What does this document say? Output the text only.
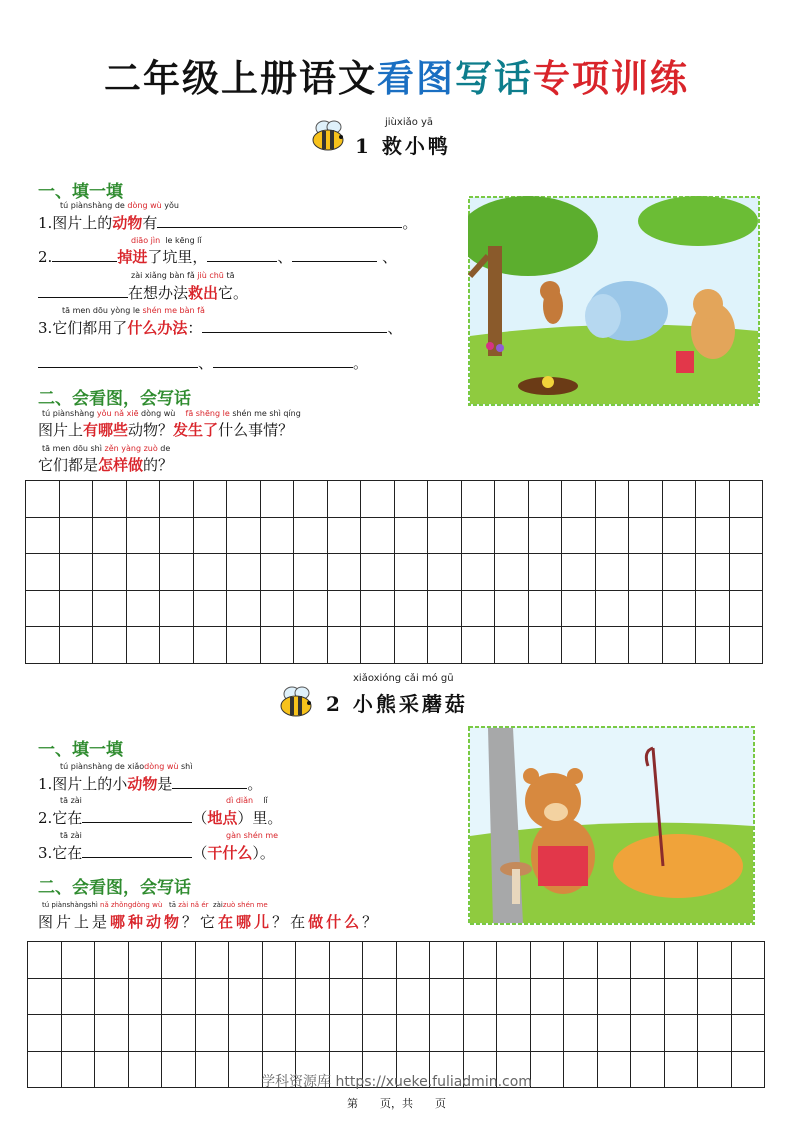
二年级上册语文看图写话专项训练
jiùxiǎo yā
1 救小鸭
一、填一填
tú piànshàng de dòng wù yǒu
1.图片上的动物有	。
diāo jìn le kēng lǐ
2.	掉进了坑里，	、	、
zài xiǎng bàn fǎ jiù chū tā
在想办法救出它。
tā men dōu yòng le shén me bàn fǎ
3.它们都用了什么办法：	、
、	。
二、会看图，会写话
tú piànshàng yǒu nǎ xiē dòng wù fā shēng le shén me shì qíng
图片上有哪些动物？发生了什么事情？
tā men dōu shì zěn yàng zuò de
它们都是怎样做的？

xiǎoxióng cǎi mó gū
2 小熊采蘑菇
一、填一填
tú piànshàng de xiǎodòng wù shì
1.图片上的小动物是	。
tā zài	dì diǎn lǐ
2.它在	（地点）里。
tā zài	gàn shén me
3.它在	（干什么）。
二、会看图，会写话
tú piànshàngshì nǎ zhǒngdòng wù tā zài nǎ ér zàizuò shén me
图片上是哪种动物？它在哪儿？在做什么？

学科资源库 https://xueke.fuliadmin.com
第　　页，共　　页
